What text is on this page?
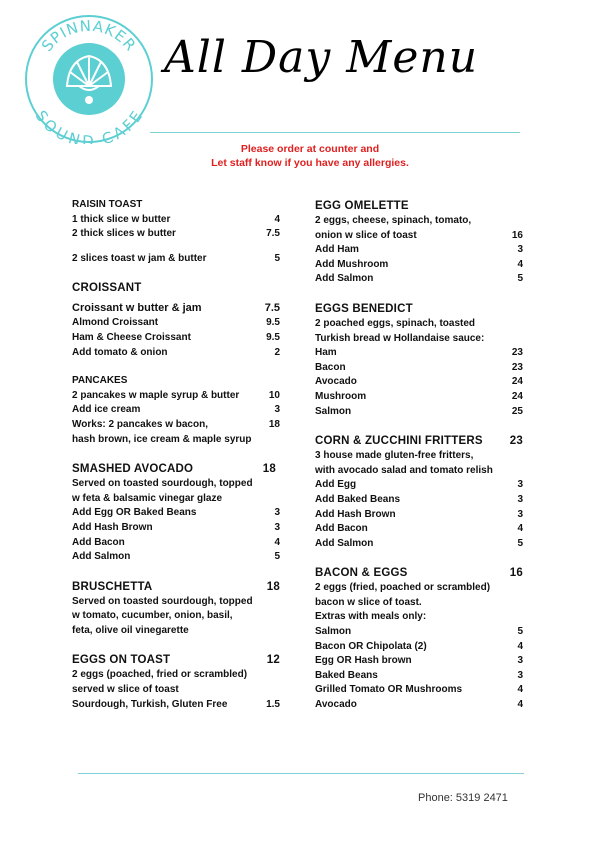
SPINNAKER
SOUND CAFE
All Day Menu
Please order at counter and
Let staff know if you have any allergies.
RAISIN TOAST
1 thick slice w butter	4
2 thick slices w butter	7.5
2 slices toast w jam & butter	5
CROISSANT
Croissant w butter & jam	7.5
Almond Croissant	9.5
Ham & Cheese Croissant	9.5
Add tomato & onion	2
PANCAKES
2 pancakes w maple syrup & butter	10
Add ice cream	3
Works: 2 pancakes w bacon,	18
hash brown, ice cream & maple syrup
SMASHED AVOCADO	18
Served on toasted sourdough, topped
w feta & balsamic vinegar glaze
Add Egg OR Baked Beans	3
Add Hash Brown	3
Add Bacon	4
Add Salmon	5
BRUSCHETTA	18
Served on toasted sourdough, topped
w tomato, cucumber, onion, basil,
feta, olive oil vinegarette
EGGS ON TOAST	12
2 eggs (poached, fried or scrambled)
served w slice of toast
Sourdough, Turkish, Gluten Free	1.5
EGG OMELETTE
2 eggs, cheese, spinach, tomato,
onion w slice of toast	16
Add Ham	3
Add Mushroom	4
Add Salmon	5
EGGS BENEDICT
2 poached eggs, spinach, toasted
Turkish bread w Hollandaise sauce:
Ham	23
Bacon	23
Avocado	24
Mushroom	24
Salmon	25
CORN & ZUCCHINI FRITTERS	23
3 house made gluten-free fritters,
with avocado salad and tomato relish
Add Egg	3
Add Baked Beans	3
Add Hash Brown	3
Add Bacon	4
Add Salmon	5
BACON & EGGS	16
2 eggs (fried, poached or scrambled)
bacon w slice of toast.
Extras with meals only:
Salmon	5
Bacon OR Chipolata (2)	4
Egg OR Hash brown	3
Baked Beans	3
Grilled Tomato OR Mushrooms	4
Avocado	4
Phone: 5319 2471
